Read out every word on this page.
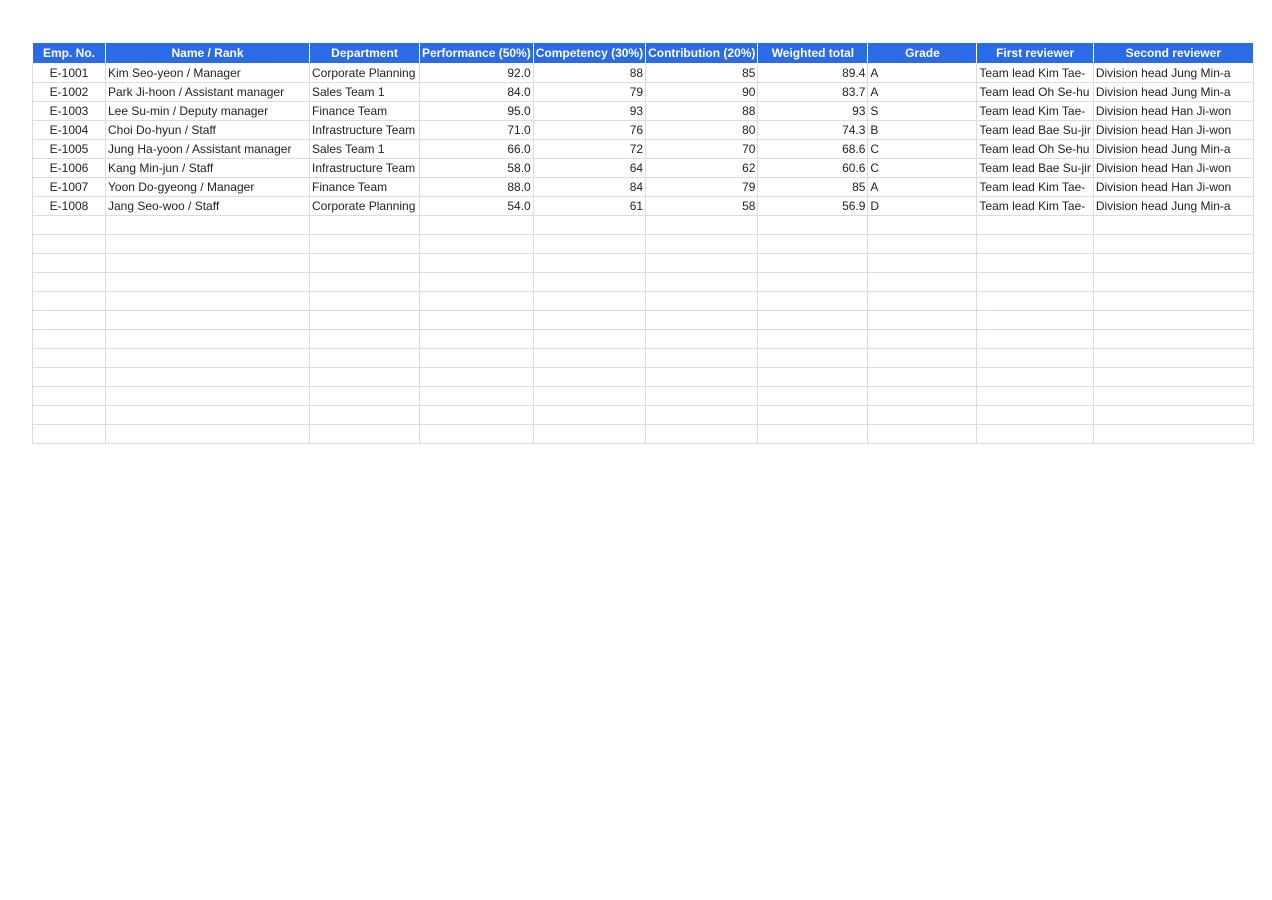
Emp. No.	Name / Rank	Department	Performance (50%)	Competency (30%)	Contribution (20%)	Weighted total	Grade	First reviewer	Second reviewer
E-1001	Kim Seo-yeon / Manager	Corporate Planning	92.0	88	85	89.4	A	Team lead Kim Tae-	Division head Jung Min-a
E-1002	Park Ji-hoon / Assistant manager	Sales Team 1	84.0	79	90	83.7	A	Team lead Oh Se-hu	Division head Jung Min-a
E-1003	Lee Su-min / Deputy manager	Finance Team	95.0	93	88	93	S	Team lead Kim Tae-	Division head Han Ji-won
E-1004	Choi Do-hyun / Staff	Infrastructure Team	71.0	76	80	74.3	B	Team lead Bae Su-jir	Division head Han Ji-won
E-1005	Jung Ha-yoon / Assistant manager	Sales Team 1	66.0	72	70	68.6	C	Team lead Oh Se-hu	Division head Jung Min-a
E-1006	Kang Min-jun / Staff	Infrastructure Team	58.0	64	62	60.6	C	Team lead Bae Su-jir	Division head Han Ji-won
E-1007	Yoon Do-gyeong / Manager	Finance Team	88.0	84	79	85	A	Team lead Kim Tae-	Division head Han Ji-won
E-1008	Jang Seo-woo / Staff	Corporate Planning	54.0	61	58	56.9	D	Team lead Kim Tae-	Division head Jung Min-a
